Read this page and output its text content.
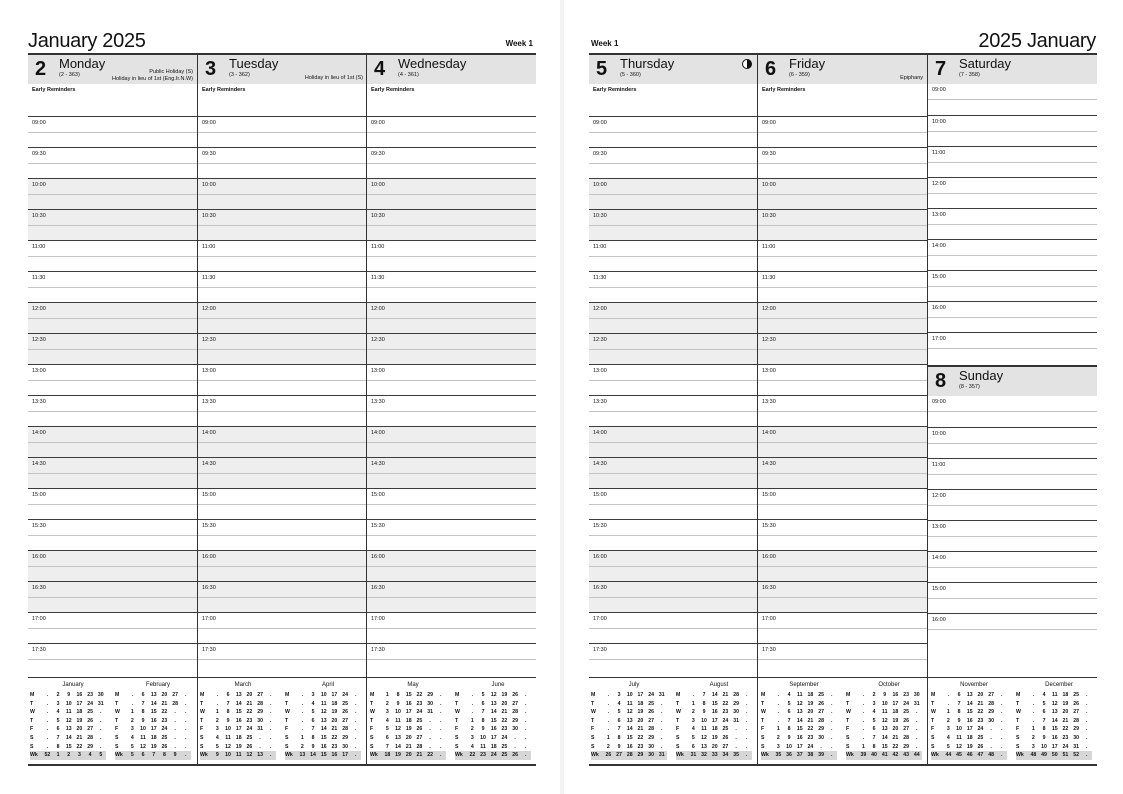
January 2025	Week 1
2 Monday
(2 - 363)	Public Holiday (S)
Holiday in lieu of 1st (Eng.Ir.N.W)
Early Reminders
09:00
09:30
10:00
10:30
11:00
11:30
12:00
12:30
13:00
13:30
14:00
14:30
15:00
15:30
16:00
16:30
17:00
17:30
3 Tuesday
(3 - 362)	Holiday in lieu of 1st (S)
Early Reminders
09:00
09:30
10:00
10:30
11:00
11:30
12:00
12:30
13:00
13:30
14:00
14:30
15:00
15:30
16:00
16:30
17:00
17:30
4 Wednesday
(4 - 361)
Early Reminders
09:00
09:30
10:00
10:30
11:00
11:30
12:00
12:30
13:00
13:30
14:00
14:30
15:00
15:30
16:00
16:30
17:00
17:30
January
M	.	2	9	16	23	30
T	.	3	10	17	24	31
W	.	4	11	18	25	.
T	.	5	12	19	26	.
F	.	6	13	20	27	.
S	.	7	14	21	28	.
S	.	8	15	22	29	.
Wk	52	1	2	3	4	5
February
M	.	6	13	20	27	.
T	.	7	14	21	28	.
W	1	8	15	22	.	.
T	2	9	16	23	.	.
F	3	10	17	24	.	.
S	4	11	18	25	.	.
S	5	12	19	26	.	.
Wk	5	6	7	8	9	.
March
M	.	6	13	20	27	.
T	.	7	14	21	28	.
W	1	8	15	22	29	.
T	2	9	16	23	30	.
F	3	10	17	24	31	.
S	4	11	18	25	.	.
S	5	12	19	26	.	.
Wk	9	10	11	12	13	.
April
M	.	3	10	17	24	.
T	.	4	11	18	25	.
W	.	5	12	19	26	.
T	.	6	13	20	27	.
F	.	7	14	21	28	.
S	1	8	15	22	29	.
S	2	9	16	23	30	.
Wk	13	14	15	16	17	.
May
M	1	8	15	22	29	.
T	2	9	16	23	30	.
W	3	10	17	24	31	.
T	4	11	18	25	.	.
F	5	12	19	26	.	.
S	6	13	20	27	.	.
S	7	14	21	28	.	.
Wk	18	19	20	21	22	.
June
M	.	5	12	19	26	.
T	.	6	13	20	27	.
W	.	7	14	21	28	.
T	1	8	15	22	29	.
F	2	9	16	23	30	.
S	3	10	17	24	.	.
S	4	11	18	25	.	.
Wk	22	23	24	25	26	.
2025 January
Week 1
5 Thursday
(5 - 360)
Early Reminders
09:00
09:30
10:00
10:30
11:00
11:30
12:00
12:30
13:00
13:30
14:00
14:30
15:00
15:30
16:00
16:30
17:00
17:30
6 Friday
(6 - 359)	Epiphany
Early Reminders
09:00
09:30
10:00
10:30
11:00
11:30
12:00
12:30
13:00
13:30
14:00
14:30
15:00
15:30
16:00
16:30
17:00
17:30
7 Saturday
(7 - 358)
09:00
10:00
11:00
12:00
13:00
14:00
15:00
16:00
17:00
8 Sunday
(8 - 357)
09:00
10:00
11:00
12:00
13:00
14:00
15:00
16:00
July
M	.	3	10	17	24	31
T	.	4	11	18	25	.
W	.	5	12	19	26	.
T	.	6	13	20	27	.
F	.	7	14	21	28	.
S	1	8	15	22	29	.
S	2	9	16	23	30	.
Wk	26	27	28	29	30	31
August
M	.	7	14	21	28	.
T	1	8	15	22	29	.
W	2	9	16	23	30	.
T	3	10	17	24	31	.
F	4	11	18	25	.	.
S	5	12	19	26	.	.
S	6	13	20	27	.	.
Wk	31	32	33	34	35	.
September
M	.	4	11	18	25	.
T	.	5	12	19	26	.
W	.	6	13	20	27	.
T	.	7	14	21	28	.
F	1	8	15	22	29	.
S	2	9	16	23	30	.
S	3	10	17	24	.	.
Wk	35	36	37	38	39	.
October
M	.	2	9	16	23	30
T	.	3	10	17	24	31
W	.	4	11	18	25	.
T	.	5	12	19	26	.
F	.	6	13	20	27	.
S	.	7	14	21	28	.
S	1	8	15	22	29	.
Wk	39	40	41	42	43	44
November
M	.	6	13	20	27	.
T	.	7	14	21	28	.
W	1	8	15	22	29	.
T	2	9	16	23	30	.
F	3	10	17	24	.	.
S	4	11	18	25	.	.
S	5	12	19	26	.	.
Wk	44	45	46	47	48	.
December
M	.	4	11	18	25	.
T	.	5	12	19	26	.
W	.	6	13	20	27	.
T	.	7	14	21	28	.
F	1	8	15	22	29	.
S	2	9	16	23	30	.
S	3	10	17	24	31	.
Wk	48	49	50	51	52	.
